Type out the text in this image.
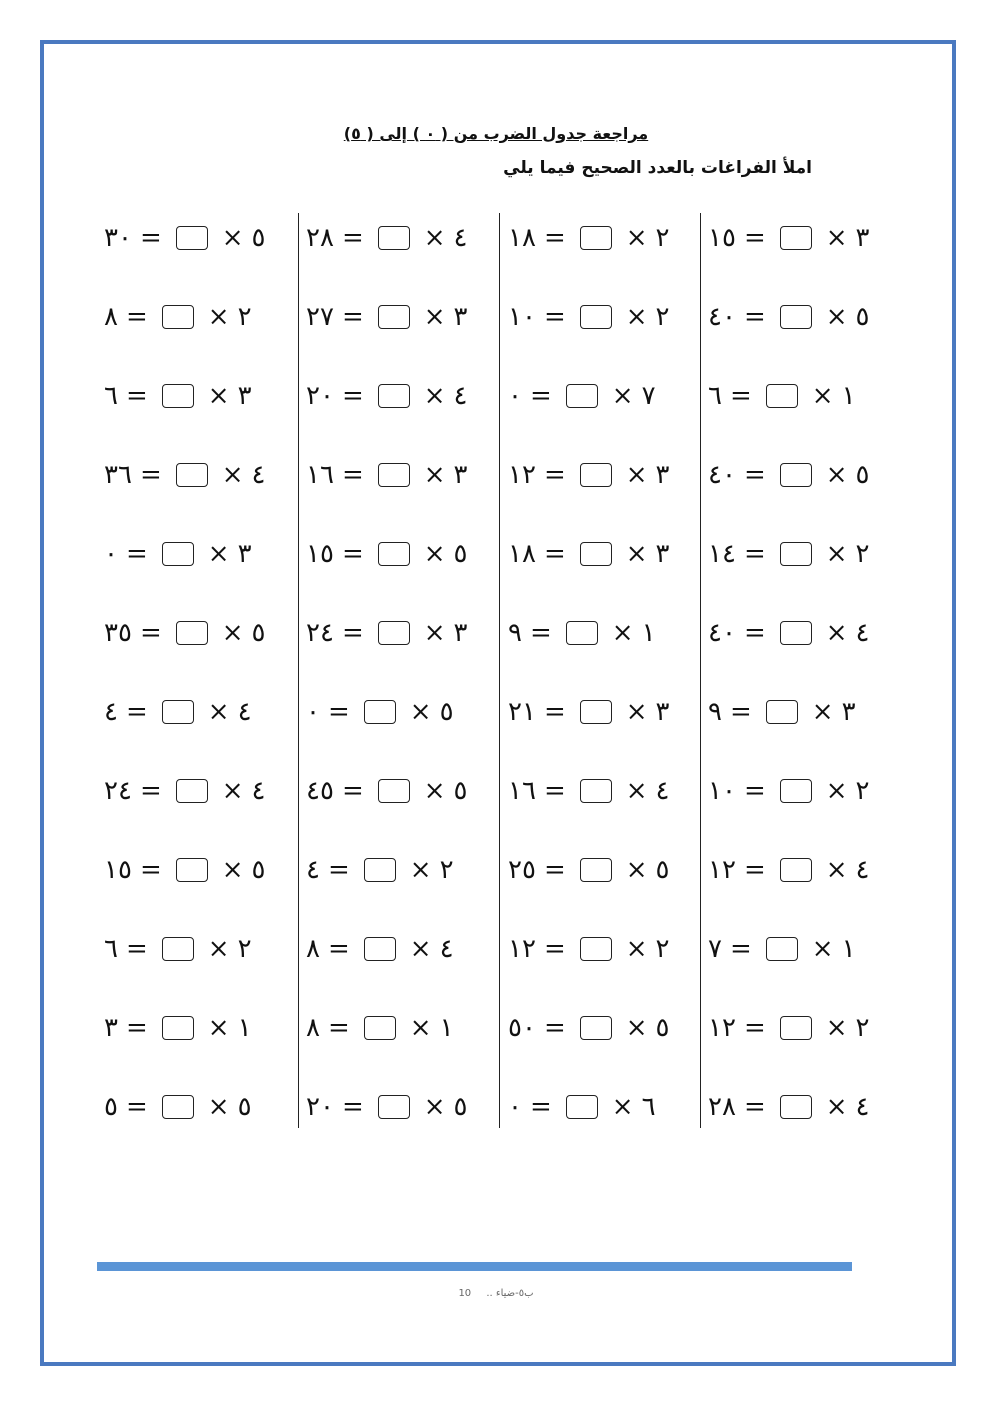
مراجعة جدول الضرب من ( ٠ ) إلى ( ٥)
املأ الفراغات بالعدد الصحيح فيما يلي
١٥ = × ٣
٤٠ = × ٥
٦ = × ١
٤٠ = × ٥
١٤ = × ٢
٤٠ = × ٤
٩ = × ٣
١٠ = × ٢
١٢ = × ٤
٧ = × ١
١٢ = × ٢
٢٨ = × ٤
١٨ = × ٢
١٠ = × ٢
٠ = × ٧
١٢ = × ٣
١٨ = × ٣
٩ = × ١
٢١ = × ٣
١٦ = × ٤
٢٥ = × ٥
١٢ = × ٢
٥٠ = × ٥
٠ = × ٦
٢٨ = × ٤
٢٧ = × ٣
٢٠ = × ٤
١٦ = × ٣
١٥ = × ٥
٢٤ = × ٣
٠ = × ٥
٤٥ = × ٥
٤ = × ٢
٨ = × ٤
٨ = × ١
٢٠ = × ٥
٣٠ = × ٥
٨ = × ٢
٦ = × ٣
٣٦ = × ٤
٠ = × ٣
٣٥ = × ٥
٤ = × ٤
٢٤ = × ٤
١٥ = × ٥
٦ = × ٢
٣ = × ١
٥ = × ٥
ب٥-ضياء .. 10
